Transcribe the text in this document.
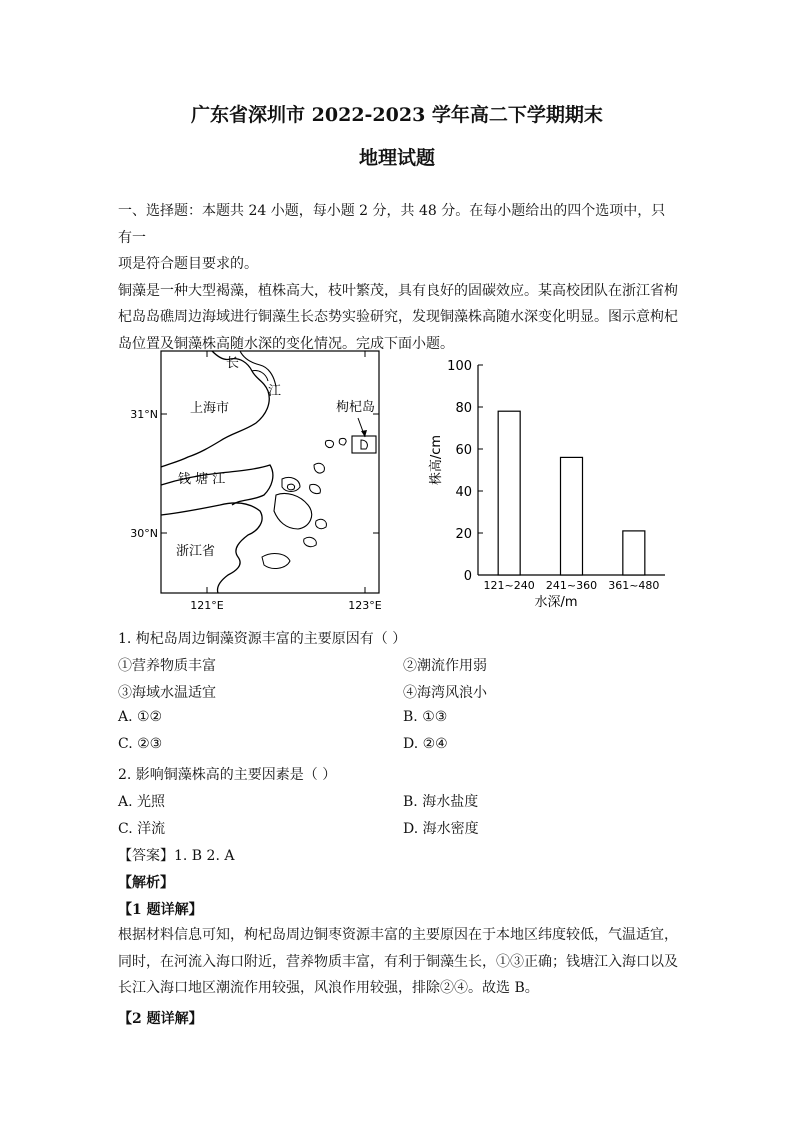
广东省深圳市 2022-2023 学年高二下学期期末
地理试题
一、选择题：本题共 24 小题，每小题 2 分，共 48 分。在每小题给出的四个选项中，只有一
项是符合题目要求的。
铜藻是一种大型褐藻，植株高大，枝叶繁茂，具有良好的固碳效应。某高校团队在浙江省枸
杞岛岛礁周边海域进行铜藻生长态势实验研究，发现铜藻株高随水深变化明显。图示意枸杞
岛位置及铜藻株高随水深的变化情况。完成下面小题。
长
江
上海市	枸杞岛
钱 塘 江
浙江省
31°N
30°N
121°E	123°E
0
20
40
60
80
100
121~240 241~360 361~480
株高/cm
水深/m
1. 枸杞岛周边铜藻资源丰富的主要原因有（ ）
①营养物质丰富	②潮流作用弱
③海域水温适宜	④海湾风浪小
A. ①②	B. ①③
C. ②③	D. ②④
2. 影响铜藻株高的主要因素是（ ）
A. 光照	B. 海水盐度
C. 洋流	D. 海水密度
【答案】1. B 2. A
【解析】
【1 题详解】
根据材料信息可知，枸杞岛周边铜枣资源丰富的主要原因在于本地区纬度较低，气温适宜，
同时，在河流入海口附近，营养物质丰富，有利于铜藻生长，①③正确；钱塘江入海口以及
长江入海口地区潮流作用较强，风浪作用较强，排除②④。故选 B。
【2 题详解】
